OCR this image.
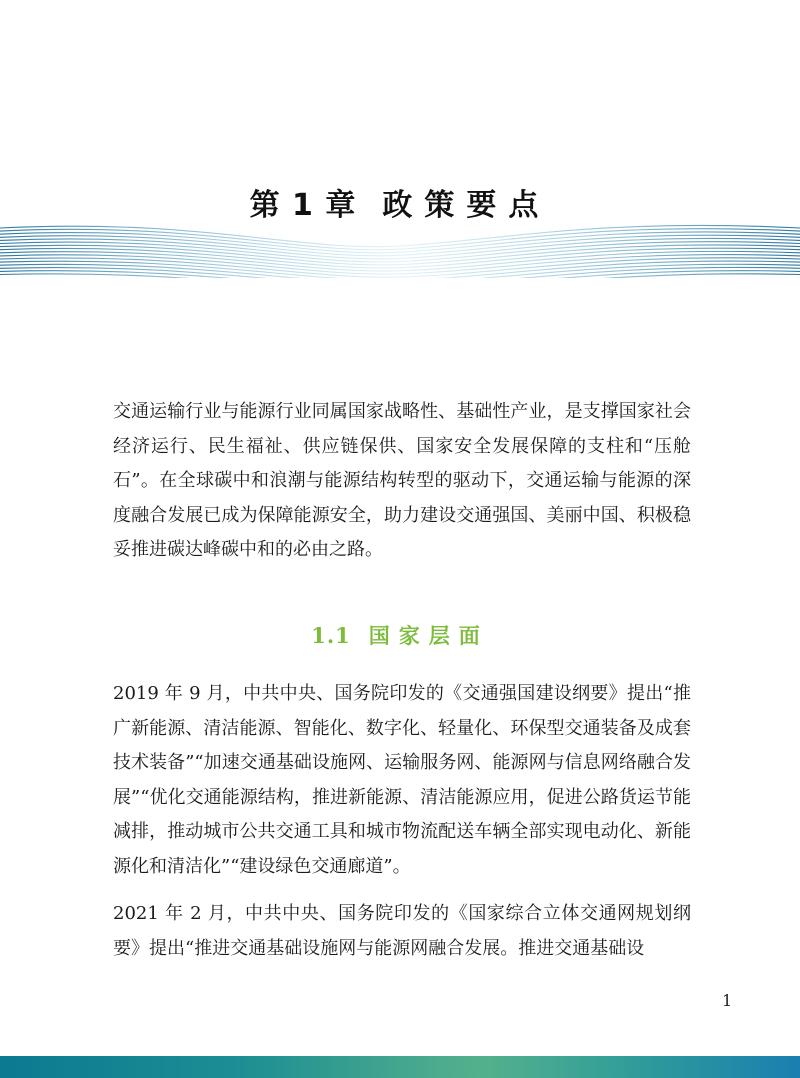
第 1 章 政策要点

交通运输行业与能源行业同属国家战略性、基础性产业，是支撑国家社会经济运行、民生福祉、供应链保供、国家安全发展保障的支柱和“压舱石”。在全球碳中和浪潮与能源结构转型的驱动下，交通运输与能源的深度融合发展已成为保障能源安全，助力建设交通强国、美丽中国、积极稳妥推进碳达峰碳中和的必由之路。

1.1 国家层面

2019 年 9 月，中共中央、国务院印发的《交通强国建设纲要》提出“推广新能源、清洁能源、智能化、数字化、轻量化、环保型交通装备及成套技术装备”“加速交通基础设施网、运输服务网、能源网与信息网络融合发展”“优化交通能源结构，推进新能源、清洁能源应用，促进公路货运节能减排，推动城市公共交通工具和城市物流配送车辆全部实现电动化、新能源化和清洁化”“建设绿色交通廊道”。

2021 年 2 月，中共中央、国务院印发的《国家综合立体交通网规划纲要》提出“推进交通基础设施网与能源网融合发展。推进交通基础设

1
